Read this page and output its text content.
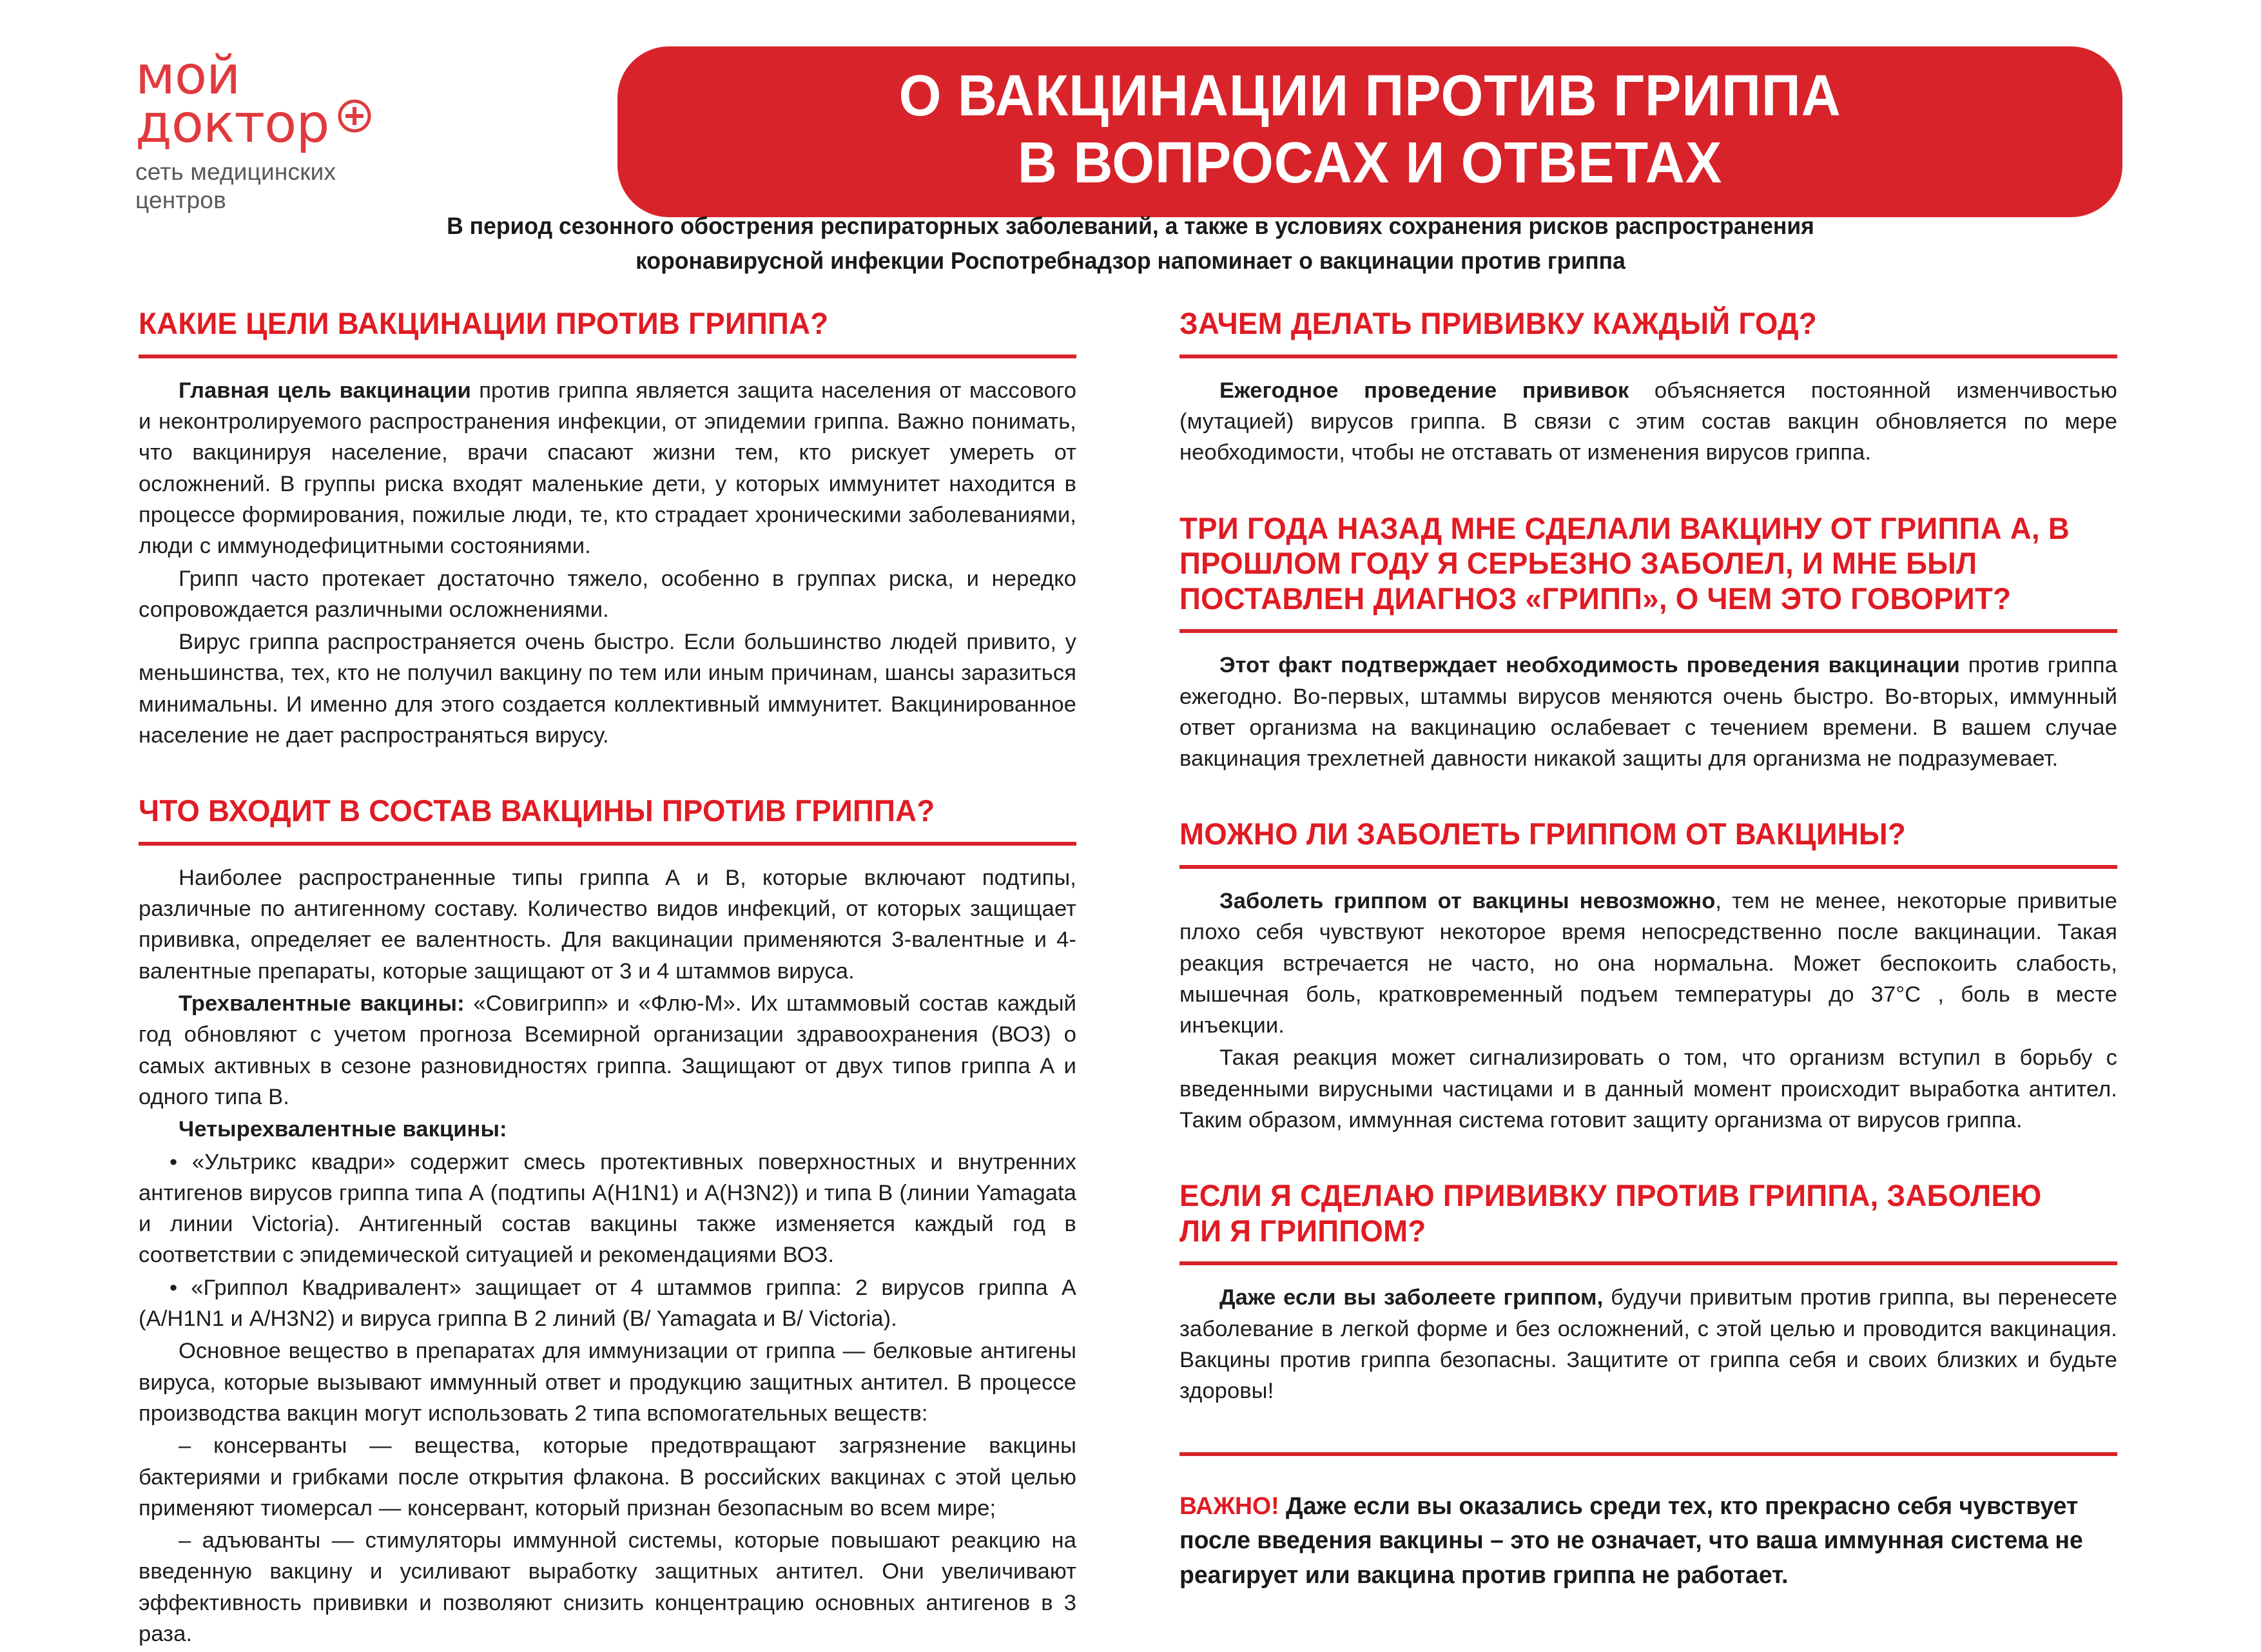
мой
доктор
сеть медицинских центров
О ВАКЦИНАЦИИ ПРОТИВ ГРИППА
В ВОПРОСАХ И ОТВЕТАХ
В период сезонного обострения респираторных заболеваний, а также в условиях сохранения рисков распространения
коронавирусной инфекции Роспотребнадзор напоминает о вакцинации против гриппа
КАКИЕ ЦЕЛИ ВАКЦИНАЦИИ ПРОТИВ ГРИППА?

Главная цель вакцинации против гриппа является защита населения от массового и неконтролируемого распространения инфекции, от эпидемии гриппа. Важно понимать, что вакцинируя население, врачи спасают жизни тем, кто рискует умереть от осложнений. В группы риска входят маленькие дети, у которых иммунитет находится в процессе формирования, пожилые люди, те, кто страдает хроническими заболеваниями, люди с иммунодефицитными состояниями.

Грипп часто протекает достаточно тяжело, особенно в группах риска, и нередко сопровождается различными осложнениями.

Вирус гриппа распространяется очень быстро. Если большинство людей привито, у меньшинства, тех, кто не получил вакцину по тем или иным причинам, шансы заразиться минимальны. И именно для этого создается коллективный иммунитет. Вакцинированное население не дает распространяться вирусу.

ЧТО ВХОДИТ В СОСТАВ ВАКЦИНЫ ПРОТИВ ГРИППА?

Наиболее распространенные типы гриппа А и В, которые включают подтипы, различные по антигенному составу. Количество видов инфекций, от которых защищает прививка, определяет ее валентность. Для вакцинации применяются 3-валентные и 4-валентные препараты, которые защищают от 3 и 4 штаммов вируса.

Трехвалентные вакцины: «Совигрипп» и «Флю-М». Их штаммовый состав каждый год обновляют с учетом прогноза Всемирной организации здравоохранения (ВОЗ) о самых активных в сезоне разновидностях гриппа. Защищают от двух типов гриппа А и одного типа В.

Четырехвалентные вакцины:

• «Ультрикс квадри» содержит смесь протективных поверхностных и внутренних антигенов вирусов гриппа типа А (подтипы A(H1N1) и A(H3N2)) и типа В (линии Yamagata и линии Victoria). Антигенный состав вакцины также изменяется каждый год в соответствии с эпидемической ситуацией и рекомендациями ВОЗ.

• «Гриппол Квадривалент» защищает от 4 штаммов гриппа: 2 вирусов гриппа А (A/H1N1 и A/H3N2) и вируса гриппа В 2 линий (B/ Yamagata и B/ Victoria).

Основное вещество в препаратах для иммунизации от гриппа — белковые антигены вируса, которые вызывают иммунный ответ и продукцию защитных антител. В процессе производства вакцин могут использовать 2 типа вспомогательных веществ:

– консерванты — вещества, которые предотвращают загрязнение вакцины бактериями и грибками после открытия флакона. В российских вакцинах с этой целью применяют тиомерсал — консервант, который признан безопасным во всем мире;

– адъюванты — стимуляторы иммунной системы, которые повышают реакцию на введенную вакцину и усиливают выработку защитных антител. Они увеличивают эффективность прививки и позволяют снизить концентрацию основных антигенов в 3 раза.

ЗАЧЕМ ДЕЛАТЬ ПРИВИВКУ КАЖДЫЙ ГОД?

Ежегодное проведение прививок объясняется постоянной изменчивостью (мутацией) вирусов гриппа. В связи с этим состав вакцин обновляется по мере необходимости, чтобы не отставать от изменения вирусов гриппа.

ТРИ ГОДА НАЗАД МНЕ СДЕЛАЛИ ВАКЦИНУ ОТ ГРИППА А, В ПРОШЛОМ ГОДУ Я СЕРЬЕЗНО ЗАБОЛЕЛ, И МНЕ БЫЛ ПОСТАВЛЕН ДИАГНОЗ «ГРИПП», О ЧЕМ ЭТО ГОВОРИТ?

Этот факт подтверждает необходимость проведения вакцинации против гриппа ежегодно. Во-первых, штаммы вирусов меняются очень быстро. Во-вторых, иммунный ответ организма на вакцинацию ослабевает с течением времени. В вашем случае вакцинация трехлетней давности никакой защиты для организма не подразумевает.

МОЖНО ЛИ ЗАБОЛЕТЬ ГРИППОМ ОТ ВАКЦИНЫ?

Заболеть гриппом от вакцины невозможно, тем не менее, некоторые привитые плохо себя чувствуют некоторое время непосредственно после вакцинации. Такая реакция встречается не часто, но она нормальна. Может беспокоить слабость, мышечная боль, кратковременный подъем температуры до 37°С , боль в месте инъекции.

Такая реакция может сигнализировать о том, что организм вступил в борьбу с введенными вирусными частицами и в данный момент происходит выработка антител. Таким образом, иммунная система готовит защиту организма от вирусов гриппа.

ЕСЛИ Я СДЕЛАЮ ПРИВИВКУ ПРОТИВ ГРИППА, ЗАБОЛЕЮ ЛИ Я ГРИППОМ?

Даже если вы заболеете гриппом, будучи привитым против гриппа, вы перенесете заболевание в легкой форме и без осложнений, с этой целью и проводится вакцинация. Вакцины против гриппа безопасны. Защитите от гриппа себя и своих близких и будьте здоровы!

ВАЖНО! Даже если вы оказались среди тех, кто прекрасно себя чувствует после введения вакцины – это не означает, что ваша иммунная система не реагирует или вакцина против гриппа не работает.
